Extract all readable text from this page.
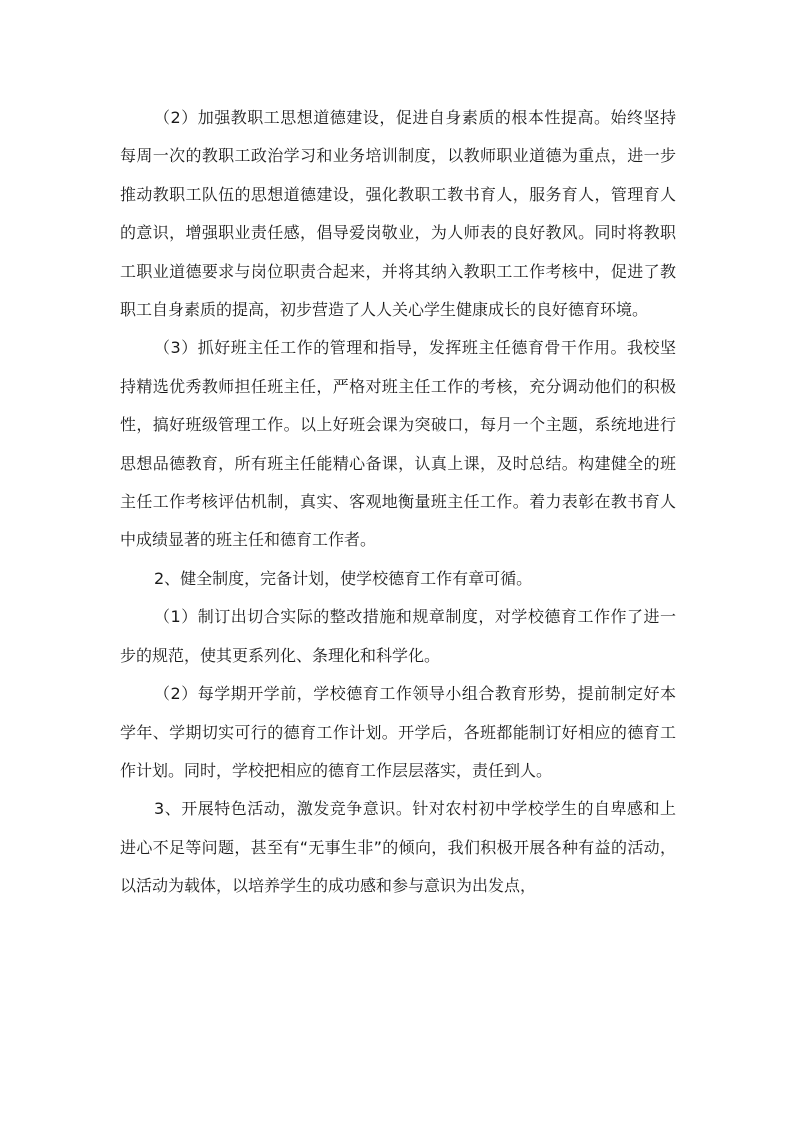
（2）加强教职工思想道德建设，促进自身素质的根本性提高。始终坚持每周一次的教职工政治学习和业务培训制度，以教师职业道德为重点，进一步推动教职工队伍的思想道德建设，强化教职工教书育人，服务育人，管理育人的意识，增强职业责任感，倡导爱岗敬业，为人师表的良好教风。同时将教职工职业道德要求与岗位职责合起来，并将其纳入教职工工作考核中，促进了教职工自身素质的提高，初步营造了人人关心学生健康成长的良好德育环境。

（3）抓好班主任工作的管理和指导，发挥班主任德育骨干作用。我校坚持精选优秀教师担任班主任，严格对班主任工作的考核，充分调动他们的积极性，搞好班级管理工作。以上好班会课为突破口，每月一个主题，系统地进行思想品德教育，所有班主任能精心备课，认真上课，及时总结。构建健全的班主任工作考核评估机制，真实、客观地衡量班主任工作。着力表彰在教书育人中成绩显著的班主任和德育工作者。

2、健全制度，完备计划，使学校德育工作有章可循。

（1）制订出切合实际的整改措施和规章制度，对学校德育工作作了进一步的规范，使其更系列化、条理化和科学化。

（2）每学期开学前，学校德育工作领导小组合教育形势，提前制定好本学年、学期切实可行的德育工作计划。开学后，各班都能制订好相应的德育工作计划。同时，学校把相应的德育工作层层落实，责任到人。

3、开展特色活动，激发竞争意识。针对农村初中学校学生的自卑感和上进心不足等问题，甚至有“无事生非”的倾向，我们积极开展各种有益的活动，以活动为载体，以培养学生的成功感和参与意识为出发点，
